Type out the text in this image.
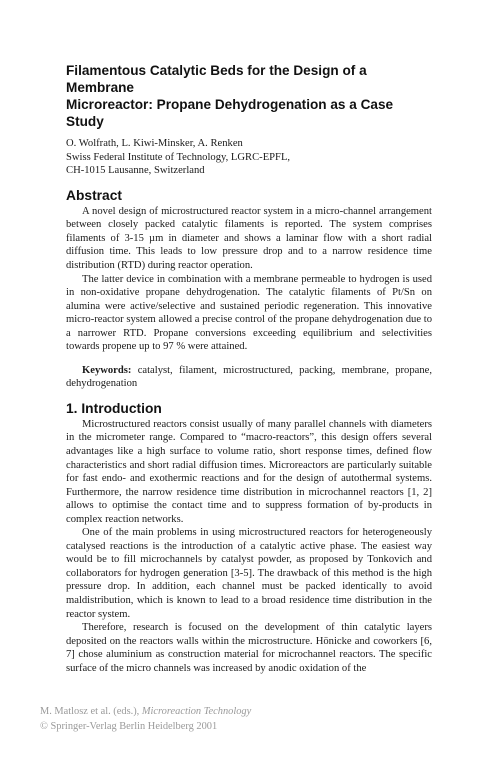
Filamentous Catalytic Beds for the Design of a Membrane
Microreactor: Propane Dehydrogenation as a Case Study

O. Wolfrath, L. Kiwi-Minsker, A. Renken

Swiss Federal Institute of Technology, LGRC-EPFL,
CH-1015 Lausanne, Switzerland

Abstract

A novel design of microstructured reactor system in a micro-channel arrangement between closely packed catalytic filaments is reported. The system comprises filaments of 3-15 µm in diameter and shows a laminar flow with a short radial diffusion time. This leads to low pressure drop and to a narrow residence time distribution (RTD) during reactor operation.

The latter device in combination with a membrane permeable to hydrogen is used in non-oxidative propane dehydrogenation. The catalytic filaments of Pt/Sn on alumina were active/selective and sustained periodic regeneration. This innovative micro-reactor system allowed a precise control of the propane dehydrogenation due to a narrower RTD. Propane conversions exceeding equilibrium and selectivities towards propene up to 97 % were attained.

Keywords: catalyst, filament, microstructured, packing, membrane, propane, dehydrogenation

1. Introduction

Microstructured reactors consist usually of many parallel channels with diameters in the micrometer range. Compared to “macro-reactors”, this design offers several advantages like a high surface to volume ratio, short response times, defined flow characteristics and short radial diffusion times. Microreactors are particularly suitable for fast endo- and exothermic reactions and for the design of autothermal systems. Furthermore, the narrow residence time distribution in microchannel reactors [1, 2] allows to optimise the contact time and to suppress formation of by-products in complex reaction networks.

One of the main problems in using microstructured reactors for heterogeneously catalysed reactions is the introduction of a catalytic active phase. The easiest way would be to fill microchannels by catalyst powder, as proposed by Tonkovich and collaborators for hydrogen generation [3-5]. The drawback of this method is the high pressure drop. In addition, each channel must be packed identically to avoid maldistribution, which is known to lead to a broad residence time distribution in the reactor system.

Therefore, research is focused on the development of thin catalytic layers deposited on the reactors walls within the microstructure. Hönicke and coworkers [6, 7] chose aluminium as construction material for microchannel reactors. The specific surface of the micro channels was increased by anodic oxidation of the

M. Matlosz et al. (eds.), Microreaction Technology
© Springer-Verlag Berlin Heidelberg 2001
